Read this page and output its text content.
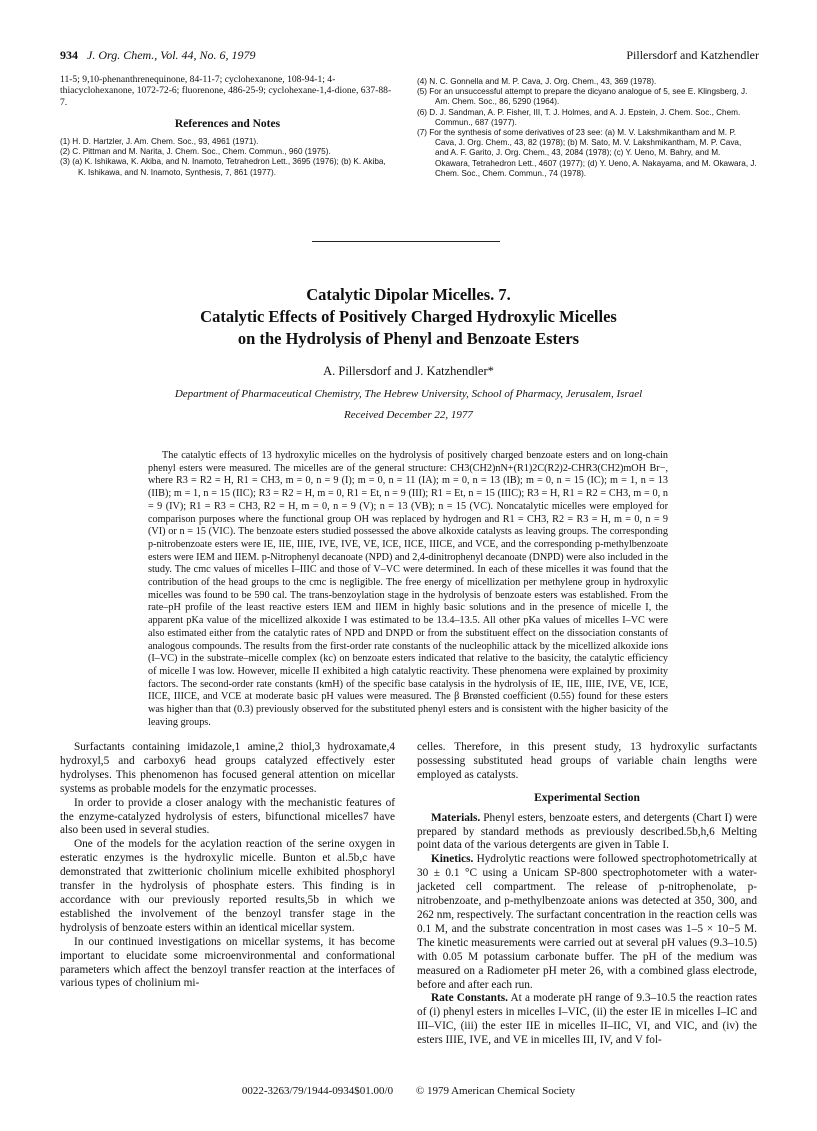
934 J. Org. Chem., Vol. 44, No. 6, 1979	Pillersdorf and Katzhendler
11-5; 9,10-phenanthrenequinone, 84-11-7; cyclohexanone, 108-94-1; 4-thiacyclohexanone, 1072-72-6; fluorenone, 486-25-9; cyclohexane-1,4-dione, 637-88-7.
References and Notes
(1) H. D. Hartzler, J. Am. Chem. Soc., 93, 4961 (1971).
(2) C. Pittman and M. Narita, J. Chem. Soc., Chem. Commun., 960 (1975).
(3) (a) K. Ishikawa, K. Akiba, and N. Inamoto, Tetrahedron Lett., 3695 (1976); (b) K. Akiba, K. Ishikawa, and N. Inamoto, Synthesis, 7, 861 (1977).
(4) N. C. Gonnella and M. P. Cava, J. Org. Chem., 43, 369 (1978).
(5) For an unsuccessful attempt to prepare the dicyano analogue of 5, see E. Klingsberg, J. Am. Chem. Soc., 86, 5290 (1964).
(6) D. J. Sandman, A. P. Fisher, III, T. J. Holmes, and A. J. Epstein, J. Chem. Soc., Chem. Commun., 687 (1977).
(7) For the synthesis of some derivatives of 23 see: (a) M. V. Lakshmikantham and M. P. Cava, J. Org. Chem., 43, 82 (1978); (b) M. Sato, M. V. Lakshmikantham, M. P. Cava, and A. F. Garito, J. Org. Chem., 43, 2084 (1978); (c) Y. Ueno, M. Bahry, and M. Okawara, Tetrahedron Lett., 4607 (1977); (d) Y. Ueno, A. Nakayama, and M. Okawara, J. Chem. Soc., Chem. Commun., 74 (1978).
Catalytic Dipolar Micelles. 7.
Catalytic Effects of Positively Charged Hydroxylic Micelles
on the Hydrolysis of Phenyl and Benzoate Esters
A. Pillersdorf and J. Katzhendler*
Department of Pharmaceutical Chemistry, The Hebrew University, School of Pharmacy, Jerusalem, Israel
Received December 22, 1977
The catalytic effects of 13 hydroxylic micelles on the hydrolysis of positively charged benzoate esters and on long-chain phenyl esters were measured. The micelles are of the general structure: CH3(CH2)nN+(R1)2C(R2)2-CHR3(CH2)mOH Br−, where R3 = R2 = H, R1 = CH3, m = 0, n = 9 (I); m = 0, n = 11 (IA); m = 0, n = 13 (IB); m = 0, n = 15 (IC); m = 1, n = 13 (IIB); m = 1, n = 15 (IIC); R3 = R2 = H, m = 0, R1 = Et, n = 9 (III); R1 = Et, n = 15 (IIIC); R3 = H, R1 = R2 = CH3, m = 0, n = 9 (IV); R1 = R3 = CH3, R2 = H, m = 0, n = 9 (V); n = 13 (VB); n = 15 (VC). Noncatalytic micelles were employed for comparison purposes where the functional group OH was replaced by hydrogen and R1 = CH3, R2 = R3 = H, m = 0, n = 9 (VI) or n = 15 (VIC). The benzoate esters studied possessed the above alkoxide catalysts as leaving groups. The corresponding p-nitrobenzoate esters were IE, IIE, IIIE, IVE, IVE, VE, ICE, IICE, IIICE, and VCE, and the corresponding p-methylbenzoate esters were IEM and IIEM. p-Nitrophenyl decanoate (NPD) and 2,4-dinitrophenyl decanoate (DNPD) were also included in the study. The cmc values of micelles I–IIIC and those of V–VC were determined. In each of these micelles it was found that the contribution of the head groups to the cmc is negligible. The free energy of micellization per methylene group in hydroxylic micelles was found to be 590 cal. The trans-benzoylation stage in the hydrolysis of benzoate esters was established. From the rate–pH profile of the least reactive esters IEM and IIEM in highly basic solutions and in the presence of micelle I, the apparent pKa value of the micellized alkoxide I was estimated to be 13.4–13.5. All other pKa values of micelles I–VC were also estimated either from the catalytic rates of NPD and DNPD or from the substituent effect on the dissociation constants of analogous compounds. The results from the first-order rate constants of the nucleophilic attack by the micellized alkoxide ions (I–VC) in the substrate–micelle complex (kc) on benzoate esters indicated that relative to the basicity, the catalytic efficiency of micelle I was low. However, micelle II exhibited a high catalytic reactivity. These phenomena were explained by proximity factors. The second-order rate constants (kmH) of the specific base catalysis in the hydrolysis of IE, IIE, IIIE, IVE, VE, ICE, IICE, IIICE, and VCE at moderate basic pH values were measured. The β Brønsted coefficient (0.55) found for these esters was higher than that (0.3) previously observed for the substituted phenyl esters and is consistent with the higher basicity of the leaving groups.

Surfactants containing imidazole,1 amine,2 thiol,3 hydroxamate,4 hydroxyl,5 and carboxy6 head groups catalyzed effectively ester hydrolyses. This phenomenon has focused general attention on micellar systems as probable models for the enzymatic processes.

In order to provide a closer analogy with the mechanistic features of the enzyme-catalyzed hydrolysis of esters, bifunctional micelles7 have also been used in several studies.

One of the models for the acylation reaction of the serine oxygen in esteratic enzymes is the hydroxylic micelle. Bunton et al.5b,c have demonstrated that zwitterionic cholinium micelle exhibited phosphoryl transfer in the hydrolysis of phosphate esters. This finding is in accordance with our previously reported results,5b in which we established the involvement of the benzoyl transfer stage in the hydrolysis of benzoate esters within an identical micellar system.

In our continued investigations on micellar systems, it has become important to elucidate some microenvironmental and conformational parameters which affect the benzoyl transfer reaction at the interfaces of various types of cholinium mi-

celles. Therefore, in this present study, 13 hydroxylic surfactants possessing substituted head groups of variable chain lengths were employed as catalysts.

Experimental Section

Materials. Phenyl esters, benzoate esters, and detergents (Chart I) were prepared by standard methods as previously described.5b,h,6 Melting point data of the various detergents are given in Table I.

Kinetics. Hydrolytic reactions were followed spectrophotometrically at 30 ± 0.1 °C using a Unicam SP-800 spectrophotometer with a water-jacketed cell compartment. The release of p-nitrophenolate, p-nitrobenzoate, and p-methylbenzoate anions was detected at 350, 300, and 262 nm, respectively. The surfactant concentration in the reaction cells was 0.1 M, and the substrate concentration in most cases was 1–5 × 10−5 M. The kinetic measurements were carried out at several pH values (9.3–10.5) with 0.05 M potassium carbonate buffer. The pH of the medium was measured on a Radiometer pH meter 26, with a combined glass electrode, before and after each run.

Rate Constants. At a moderate pH range of 9.3–10.5 the reaction rates of (i) phenyl esters in micelles I–VIC, (ii) the ester IE in micelles I–IC and III–VIC, (iii) the ester IIE in micelles II–IIC, VI, and VIC, and (iv) the esters IIIE, IVE, and VE in micelles III, IV, and V fol-

0022-3263/79/1944-0934$01.00/0 © 1979 American Chemical Society
